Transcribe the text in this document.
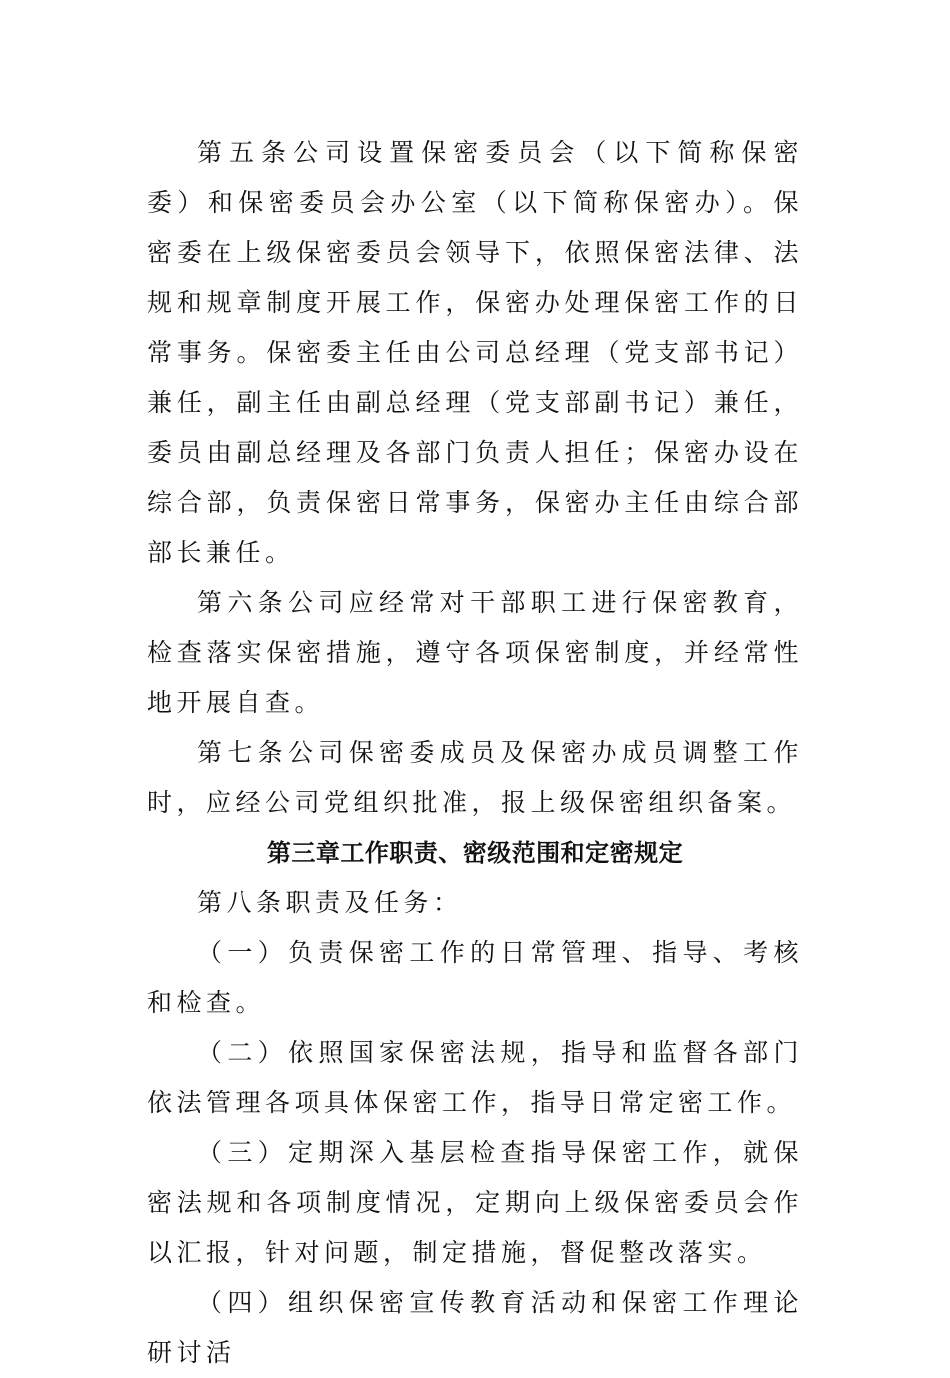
第五条公司设置保密委员会（以下简称保密委）和保密委员会办公室（以下简称保密办）。保密委在上级保密委员会领导下，依照保密法律、法规和规章制度开展工作，保密办处理保密工作的日常事务。保密委主任由公司总经理（党支部书记）兼任，副主任由副总经理（党支部副书记）兼任，委员由副总经理及各部门负责人担任；保密办设在综合部，负责保密日常事务，保密办主任由综合部部长兼任。

第六条公司应经常对干部职工进行保密教育，检查落实保密措施，遵守各项保密制度，并经常性地开展自查。

第七条公司保密委成员及保密办成员调整工作时，应经公司党组织批准，报上级保密组织备案。

第三章工作职责、密级范围和定密规定

第八条职责及任务：

（一）负责保密工作的日常管理、指导、考核和检查。

（二）依照国家保密法规，指导和监督各部门依法管理各项具体保密工作，指导日常定密工作。

（三）定期深入基层检查指导保密工作，就保密法规和各项制度情况，定期向上级保密委员会作以汇报，针对问题，制定措施，督促整改落实。

（四）组织保密宣传教育活动和保密工作理论研讨活
